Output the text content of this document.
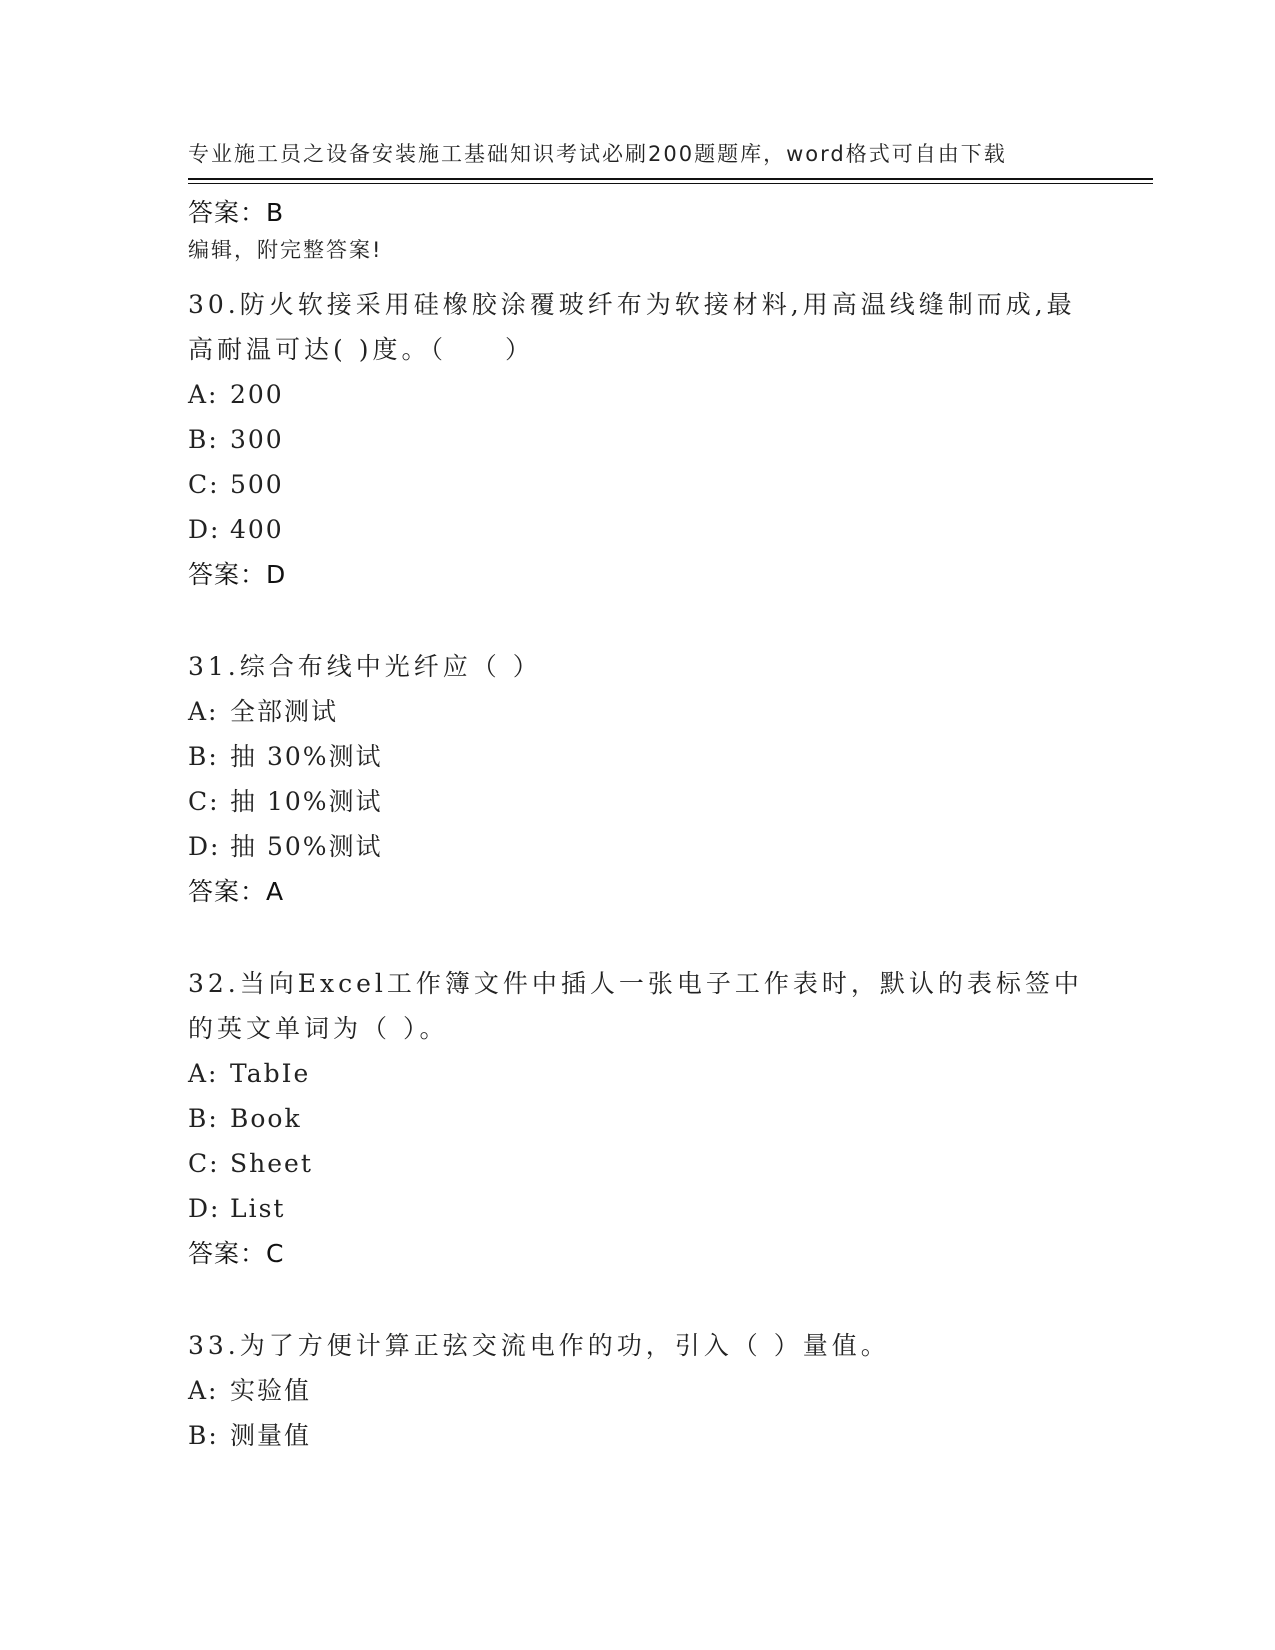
专业施工员之设备安装施工基础知识考试必刷200题题库，word格式可自由下载

编辑，附完整答案!

答案：B
30.防火软接采用硅橡胶涂覆玻纤布为软接材料,用高温线缝制而成,最
高耐温可达( )度。（　　）
A: 200
B: 300
C: 500
D: 400
答案：D
31.综合布线中光纤应（ ）
A: 全部测试
B: 抽 30%测试
C: 抽 10%测试
D: 抽 50%测试
答案：A
32.当向Excel工作簿文件中插人一张电子工作表时，默认的表标签中
的英文单词为（ ）。
A: TabIe
B: Book
C: Sheet
D: List
答案：C
33.为了方便计算正弦交流电作的功，引入（ ）量值。
A: 实验值
B: 测量值
